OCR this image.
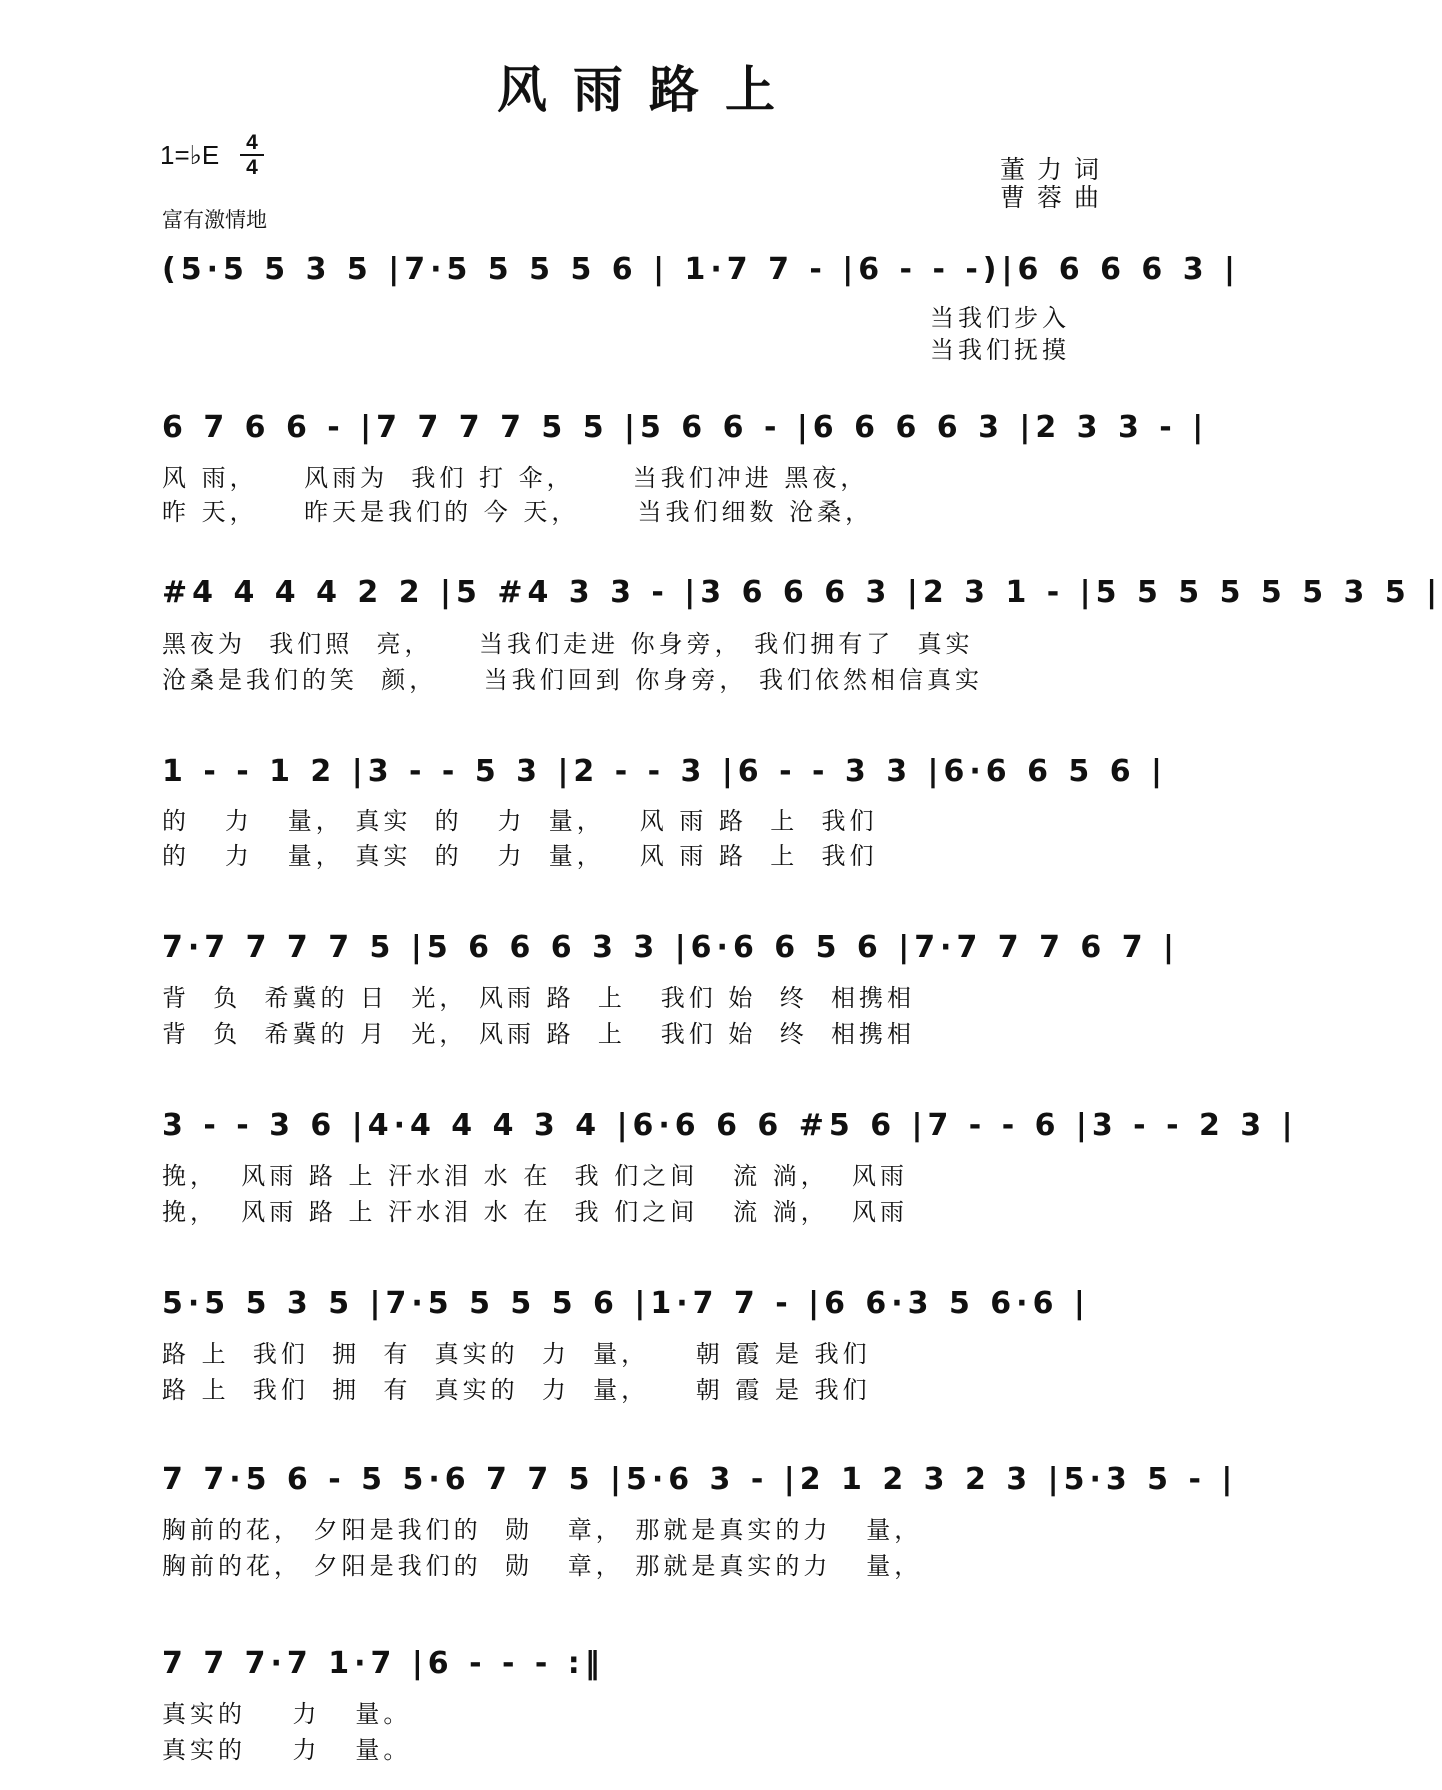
风雨路上
1=♭E 4
4
富有激情地
董力词
曹蓉曲
(5·5 5 3 5 |7·5 5 5 5 6 | 1·7 7 - |6 - - -)|6 6 6 6 3 |
当我们步入
当我们抚摸
6 7 6 6 - |7 7 7 7 5 5 |5 6 6 - |6 6 6 6 3 |2 3 3 - |
风 雨，    风雨为  我们 打 伞，     当我们冲进 黑夜，
昨 天，    昨天是我们的 今 天，     当我们细数 沧桑，
#4 4 4 4 2 2 |5 #4 3 3 - |3 6 6 6 3 |2 3 1 - |5 5 5 5 5 5 3 5 |
黑夜为  我们照  亮，    当我们走进 你身旁， 我们拥有了  真实
沧桑是我们的笑  颜，    当我们回到 你身旁， 我们依然相信真实
1 - - 1 2 |3 - - 5 3 |2 - - 3 |6 - - 3 3 |6·6 6 5 6 |
的   力   量， 真实  的   力  量，   风 雨 路  上  我们
的   力   量， 真实  的   力  量，   风 雨 路  上  我们
7·7 7 7 7 5 |5 6 6 6 3 3 |6·6 6 5 6 |7·7 7 7 6 7 |
背  负  希冀的 日  光， 风雨 路  上   我们 始  终  相携相
背  负  希冀的 月  光， 风雨 路  上   我们 始  终  相携相
3 - - 3 6 |4·4 4 4 3 4 |6·6 6 6 #5 6 |7 - - 6 |3 - - 2 3 |
挽，  风雨 路 上 汗水泪 水 在  我 们之间   流 淌，  风雨
挽，  风雨 路 上 汗水泪 水 在  我 们之间   流 淌，  风雨
5·5 5 3 5 |7·5 5 5 5 6 |1·7 7 - |6 6·3 5 6·6 |
路 上  我们  拥  有  真实的  力  量，    朝 霞 是 我们
路 上  我们  拥  有  真实的  力  量，    朝 霞 是 我们
7 7·5 6 - 5 5·6 7 7 5 |5·6 3 - |2 1 2 3 2 3 |5·3 5 - |
胸前的花， 夕阳是我们的  勋   章， 那就是真实的力   量，
胸前的花， 夕阳是我们的  勋   章， 那就是真实的力   量，
7 7 7·7 1·7 |6 - - - :‖
真实的    力   量。
真实的    力   量。
